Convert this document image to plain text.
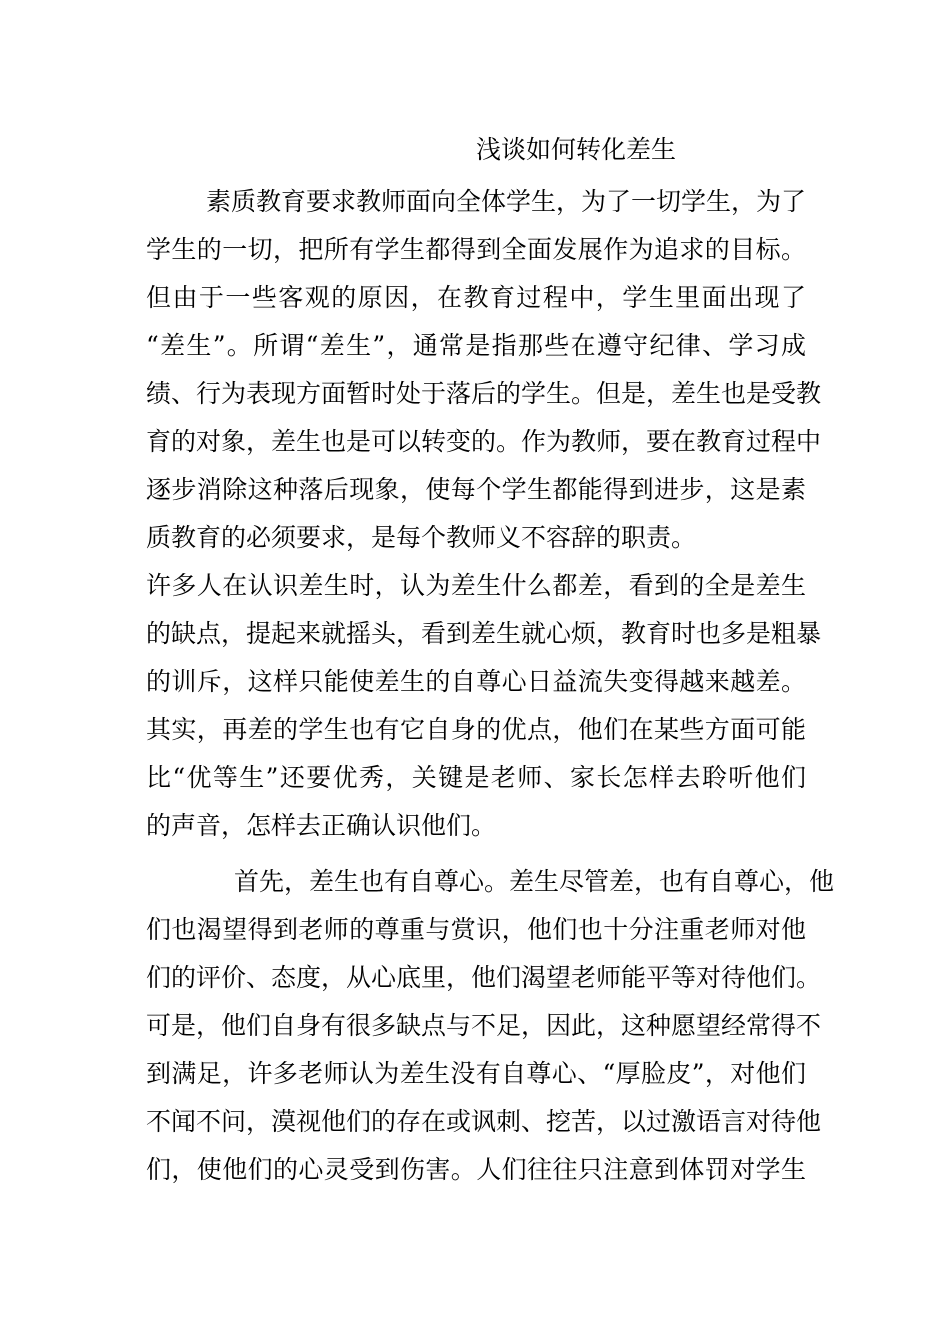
浅谈如何转化差生
素质教育要求教师面向全体学生，为了一切学生，为了
学生的一切，把所有学生都得到全面发展作为追求的目标。
但由于一些客观的原因，在教育过程中，学生里面出现了
“差生”。所谓“差生”，通常是指那些在遵守纪律、学习成
绩、行为表现方面暂时处于落后的学生。但是，差生也是受教
育的对象，差生也是可以转变的。作为教师，要在教育过程中
逐步消除这种落后现象，使每个学生都能得到进步，这是素
质教育的必须要求，是每个教师义不容辞的职责。
许多人在认识差生时，认为差生什么都差，看到的全是差生
的缺点，提起来就摇头，看到差生就心烦，教育时也多是粗暴
的训斥，这样只能使差生的自尊心日益流失变得越来越差。
其实，再差的学生也有它自身的优点，他们在某些方面可能
比“优等生”还要优秀，关键是老师、家长怎样去聆听他们
的声音，怎样去正确认识他们。
首先，差生也有自尊心。差生尽管差，也有自尊心，他
们也渴望得到老师的尊重与赏识，他们也十分注重老师对他
们的评价、态度，从心底里，他们渴望老师能平等对待他们。
可是，他们自身有很多缺点与不足，因此，这种愿望经常得不
到满足，许多老师认为差生没有自尊心、“厚脸皮”，对他们
不闻不问，漠视他们的存在或讽刺、挖苦，以过激语言对待他
们，使他们的心灵受到伤害。人们往往只注意到体罚对学生
